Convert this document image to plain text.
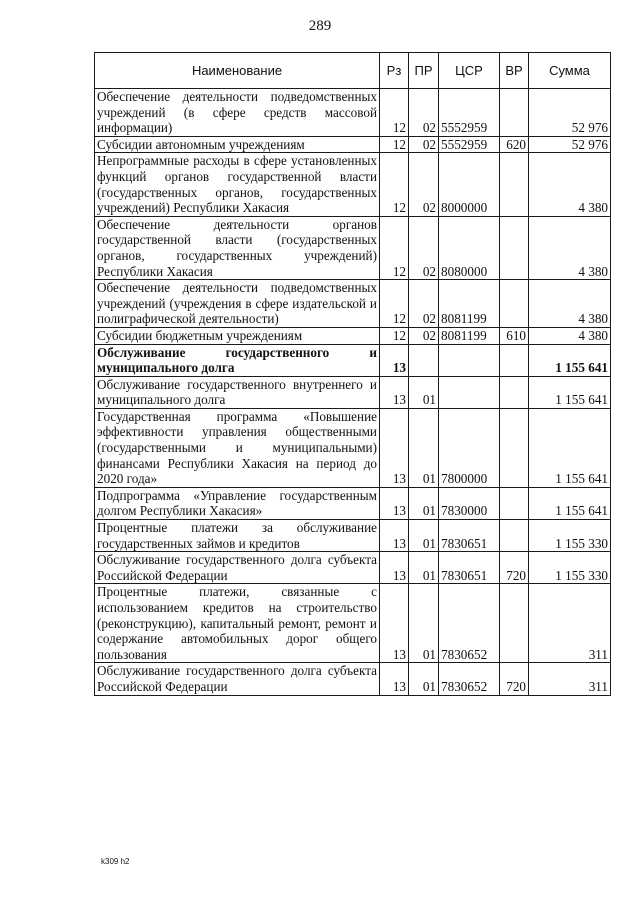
289
Наименование	Рз	ПР	ЦСР	ВР	Сумма
Обеспечение деятельности подведомственных учреждений (в сфере средств массовой информации)	12	02	5552959		52 976
Субсидии автономным учреждениям	12	02	5552959	620	52 976
Непрограммные расходы в сфере установленных функций органов государственной власти (государственных органов, государственных учреждений) Республики Хакасия	12	02	8000000		4 380
Обеспечение деятельности органов государственной власти (государственных органов, государственных учреждений) Республики Хакасия	12	02	8080000		4 380
Обеспечение деятельности подведомственных учреждений (учреждения в сфере издательской и полиграфической деятельности)	12	02	8081199		4 380
Субсидии бюджетным учреждениям	12	02	8081199	610	4 380
Обслуживание государственного и муниципального долга	13				1 155 641
Обслуживание государственного внутреннего и муниципального долга	13	01			1 155 641
Государственная программа «Повышение эффективности управления общественными (государственными и муниципальными) финансами Республики Хакасия на период до 2020 года»	13	01	7800000		1 155 641
Подпрограмма «Управление государственным долгом Республики Хакасия»	13	01	7830000		1 155 641
Процентные платежи за обслуживание государственных займов и кредитов	13	01	7830651		1 155 330
Обслуживание государственного долга субъекта Российской Федерации	13	01	7830651	720	1 155 330
Процентные платежи, связанные с использованием кредитов на строительство (реконструкцию), капитальный ремонт, ремонт и содержание автомобильных дорог общего пользования	13	01	7830652		311
Обслуживание государственного долга субъекта Российской Федерации	13	01	7830652	720	311
k309 h2
